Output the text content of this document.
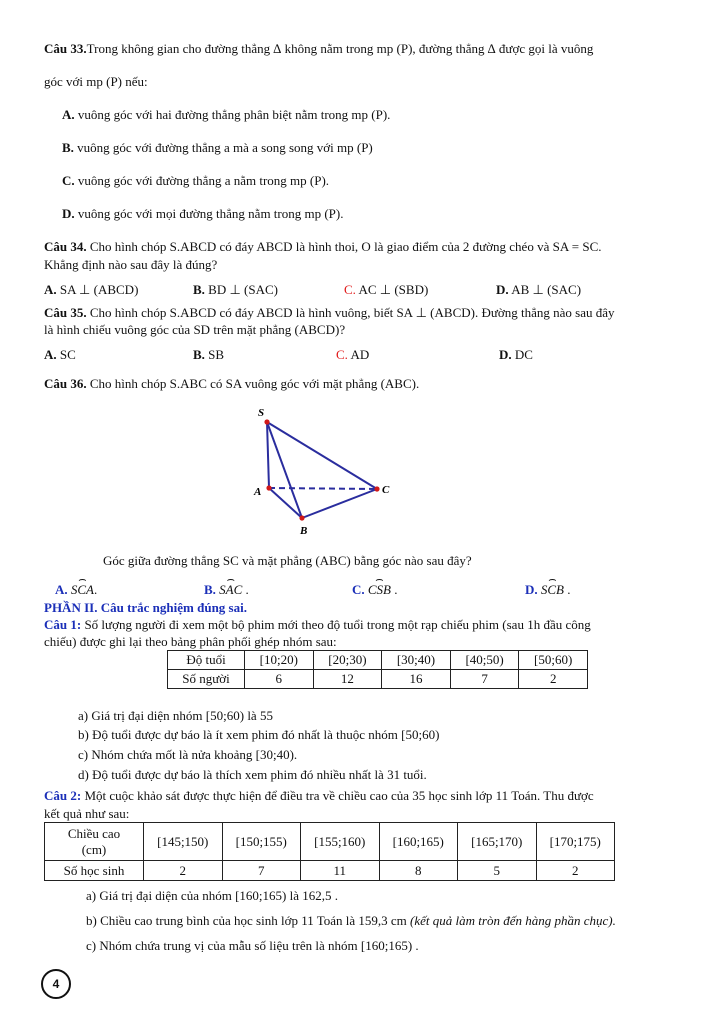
Câu 33.Trong không gian cho đường thẳng ∆ không nằm trong mp (P), đường thẳng ∆ được gọi là vuông
góc với mp (P) nếu:
A. vuông góc với hai đường thẳng phân biệt nằm trong mp (P).
B. vuông góc với đường thẳng a mà a song song với mp (P)
C. vuông góc với đường thẳng a nằm trong mp (P).
D. vuông góc với mọi đường thẳng nằm trong mp (P).
Câu 34. Cho hình chóp S.ABCD có đáy ABCD là hình thoi, O là giao điểm của 2 đường chéo và SA = SC.
Khẳng định nào sau đây là đúng?
A. SA ⊥ (ABCD)	B. BD ⊥ (SAC)	C. AC ⊥ (SBD)	D. AB ⊥ (SAC)
Câu 35. Cho hình chóp S.ABCD có đáy ABCD là hình vuông, biết SA ⊥ (ABCD). Đường thẳng nào sau đây
là hình chiếu vuông góc của SD trên mặt phẳng (ABCD)?
A. SC	B. SB	C. AD	D. DC
Câu 36. Cho hình chóp S.ABC có SA vuông góc với mặt phẳng (ABC).
S
A
B
C
Góc giữa đường thẳng SC và mặt phẳng (ABC) bằng góc nào sau đây?
A.
⌢
SCA.	B.
⌢
SAC .	C.
⌢
CSB .	D.
⌢
SCB .
PHẦN II. Câu trắc nghiệm đúng sai.
Câu 1: Số lượng người đi xem một bộ phim mới theo độ tuổi trong một rạp chiếu phim (sau 1h đầu công
chiếu) được ghi lại theo bảng phân phối ghép nhóm sau:
Độ tuổi	[10;20)	[20;30)	[30;40)	[40;50)	[50;60)
Số người	6	12	16	7	2
a) Giá trị đại diện nhóm [50;60) là 55
b) Độ tuổi được dự báo là ít xem phim đó nhất là thuộc nhóm [50;60)
c) Nhóm chứa mốt là nửa khoảng [30;40).
d) Độ tuổi được dự báo là thích xem phim đó nhiều nhất là 31 tuổi.
Câu 2: Một cuộc khảo sát được thực hiện để điều tra về chiều cao của 35 học sinh lớp 11 Toán. Thu được
kết quả như sau:
Chiều cao
(cm)	[145;150)	[150;155)	[155;160)	[160;165)	[165;170)	[170;175)
Số học sinh	2	7	11	8	5	2
a) Giá trị đại diện của nhóm [160;165) là 162,5 .
b) Chiều cao trung bình của học sinh lớp 11 Toán là 159,3 cm (kết quả làm tròn đến hàng phần chục).
c) Nhóm chứa trung vị của mẫu số liệu trên là nhóm [160;165) .
4
